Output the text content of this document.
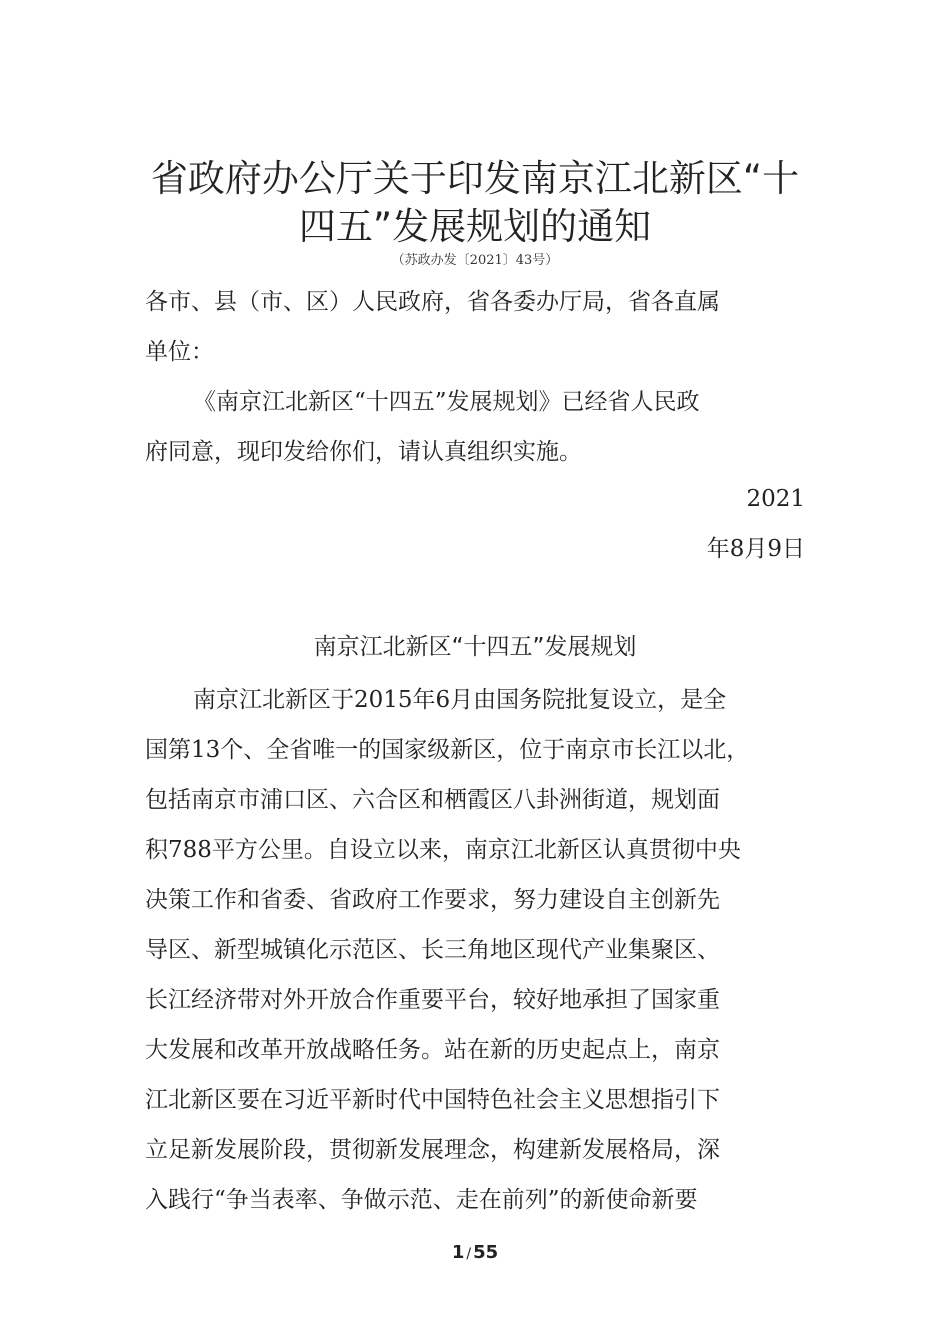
省政府办公厅关于印发南京江北新区“十
四五”发展规划的通知
（苏政办发〔2021〕43号）
各市、县（市、区）人民政府，省各委办厅局，省各直属
单位：
《南京江北新区“十四五”发展规划》已经省人民政
府同意，现印发给你们，请认真组织实施。
2021
年8月9日
南京江北新区“十四五”发展规划
南京江北新区于2015年6月由国务院批复设立，是全
国第13个、全省唯一的国家级新区，位于南京市长江以北，
包括南京市浦口区、六合区和栖霞区八卦洲街道，规划面
积788平方公里。自设立以来，南京江北新区认真贯彻中央
决策工作和省委、省政府工作要求，努力建设自主创新先
导区、新型城镇化示范区、长三角地区现代产业集聚区、
长江经济带对外开放合作重要平台，较好地承担了国家重
大发展和改革开放战略任务。站在新的历史起点上，南京
江北新区要在习近平新时代中国特色社会主义思想指引下
立足新发展阶段，贯彻新发展理念，构建新发展格局，深
入践行“争当表率、争做示范、走在前列”的新使命新要
1 / 55
